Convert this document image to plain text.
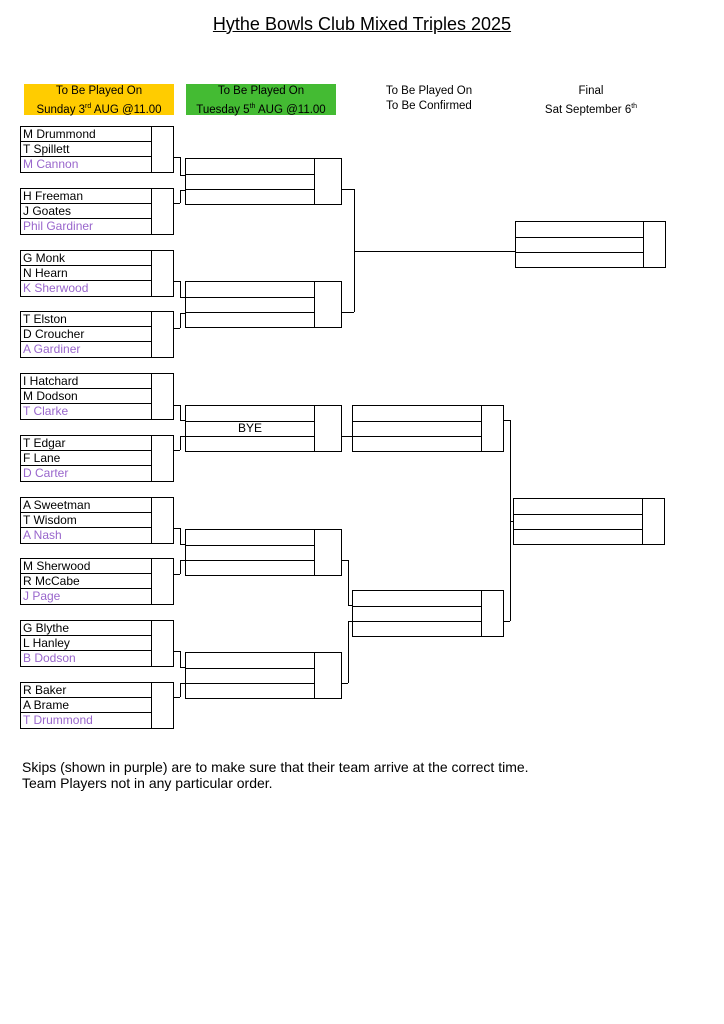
Hythe Bowls Club Mixed Triples 2025
To Be Played On
Sunday 3rd AUG @11.00
To Be Played On
Tuesday 5th AUG @11.00
To Be Played On
To Be Confirmed
Final
Sat September 6th
M Drummond
T Spillett
M Cannon
H Freeman
J Goates
Phil Gardiner
G Monk
N Hearn
K Sherwood
T Elston
D Croucher
A Gardiner
I Hatchard
M Dodson
T Clarke
T Edgar
F Lane
D Carter
A Sweetman
T Wisdom
A Nash
M Sherwood
R McCabe
J Page
G Blythe
L Hanley
B Dodson
R Baker
A Brame
T Drummond
BYE
Skips (shown in purple) are to make sure that their team arrive at the correct time.
Team Players not in any particular order.
